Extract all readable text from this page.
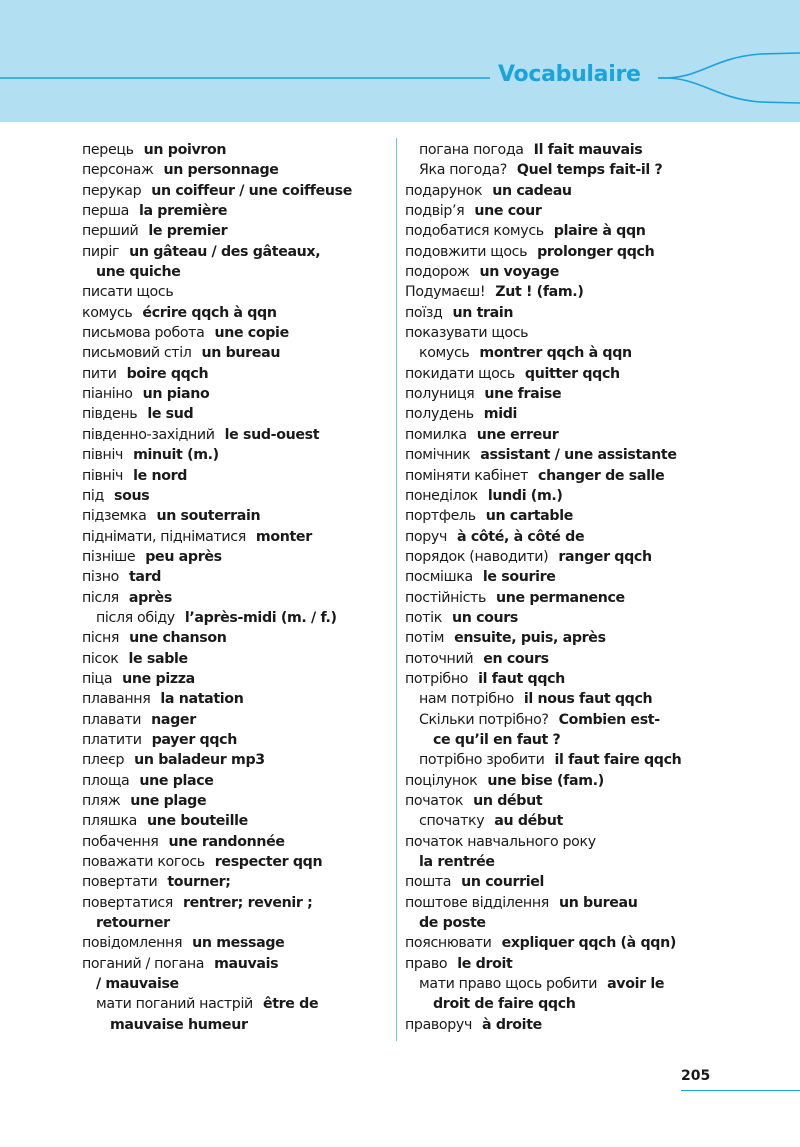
Vocabulaire
перець un poivron
персонаж un personnage
перукар un coiffeur / une coiffeuse
перша la première
перший le premier
пиріг un gâteau / des gâteaux,
une quiche
писати щось
комусь écrire qqch à qqn
письмова робота une copie
письмовий стіл un bureau
пити boire qqch
піаніно un piano
південь le sud
південно-західний le sud-ouest
північ minuit (m.)
північ le nord
під sous
підземка un souterrain
піднімати, підніматися monter
пізніше peu après
пізно tard
після après
після обіду l’après-midi (m. / f.)
пісня une chanson
пісок le sable
піца une pizza
плавання la natation
плавати nager
платити payer qqch
плеєр un baladeur mp3
площа une place
пляж une plage
пляшка une bouteille
побачення une randonnée
поважати когось respecter qqn
повертати tourner;
повертатися rentrer; revenir ;
retourner
повідомлення un message
поганий / погана mauvais
/ mauvaise
мати поганий настрій être de
mauvaise humeur
погана погода Il fait mauvais
Яка погода? Quel temps fait-il ?
подарунок un cadeau
подвір’я une cour
подобатися комусь plaire à qqn
подовжити щось prolonger qqch
подорож un voyage
Подумаєш! Zut ! (fam.)
поїзд un train
показувати щось
комусь montrer qqch à qqn
покидати щось quitter qqch
полуниця une fraise
полудень midi
помилка une erreur
помічник assistant / une assistante
поміняти кабінет changer de salle
понеділок lundi (m.)
портфель un cartable
поруч à côté, à côté de
порядок (наводити) ranger qqch
посмішка le sourire
постійність une permanence
потік un cours
потім ensuite, puis, après
поточний en cours
потрібно il faut qqch
нам потрібно il nous faut qqch
Скільки потрібно? Combien est-
ce qu’il en faut ?
потрібно зробити il faut faire qqch
поцілунок une bise (fam.)
початок un début
спочатку au début
початок навчального року
la rentrée
пошта un courriel
поштове відділення un bureau
de poste
пояснювати expliquer qqch (à qqn)
право le droit
мати право щось робити avoir le
droit de faire qqch
праворуч à droite
205
